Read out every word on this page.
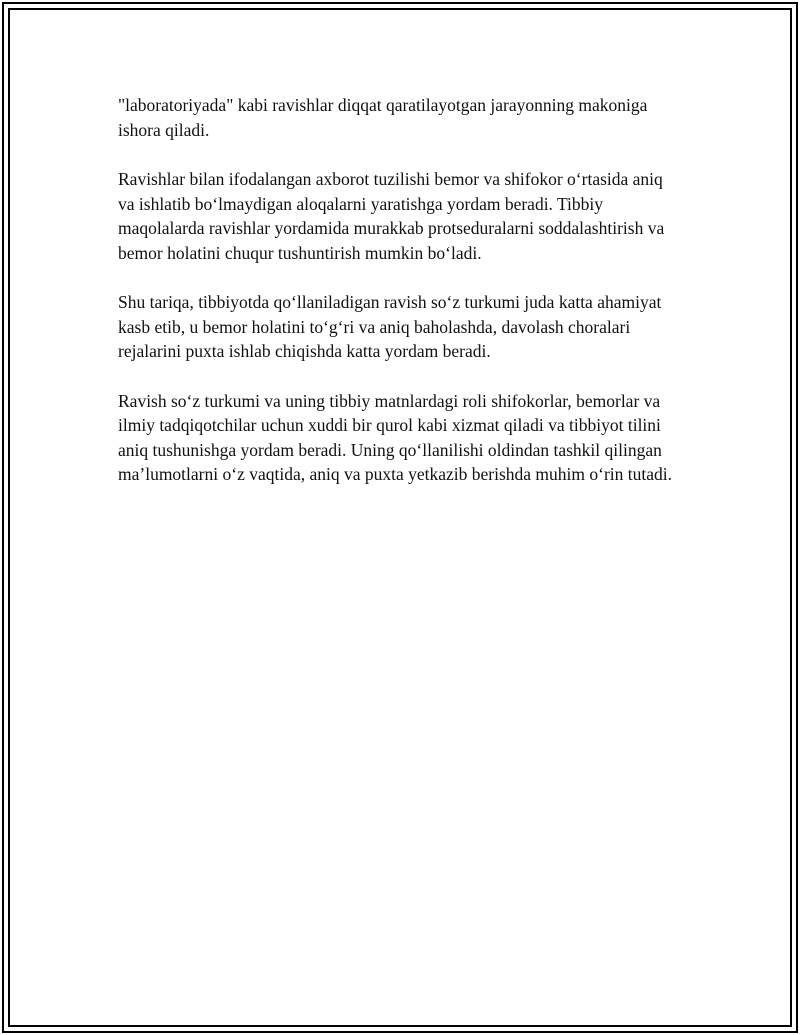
"laboratoriyada" kabi ravishlar diqqat qaratilayotgan jarayonning makoniga ishora qiladi.

Ravishlar bilan ifodalangan axborot tuzilishi bemor va shifokor o‘rtasida aniq va ishlatib bo‘lmaydigan aloqalarni yaratishga yordam beradi. Tibbiy maqolalarda ravishlar yordamida murakkab protseduralarni soddalashtirish va bemor holatini chuqur tushuntirish mumkin bo‘ladi.

Shu tariqa, tibbiyotda qo‘llaniladigan ravish so‘z turkumi juda katta ahamiyat kasb etib, u bemor holatini to‘g‘ri va aniq baholashda, davolash choralari rejalarini puxta ishlab chiqishda katta yordam beradi.

Ravish so‘z turkumi va uning tibbiy matnlardagi roli shifokorlar, bemorlar va ilmiy tadqiqotchilar uchun xuddi bir qurol kabi xizmat qiladi va tibbiyot tilini aniq tushunishga yordam beradi. Uning qo‘llanilishi oldindan tashkil qilingan ma’lumotlarni o‘z vaqtida, aniq va puxta yetkazib berishda muhim o‘rin tutadi.
